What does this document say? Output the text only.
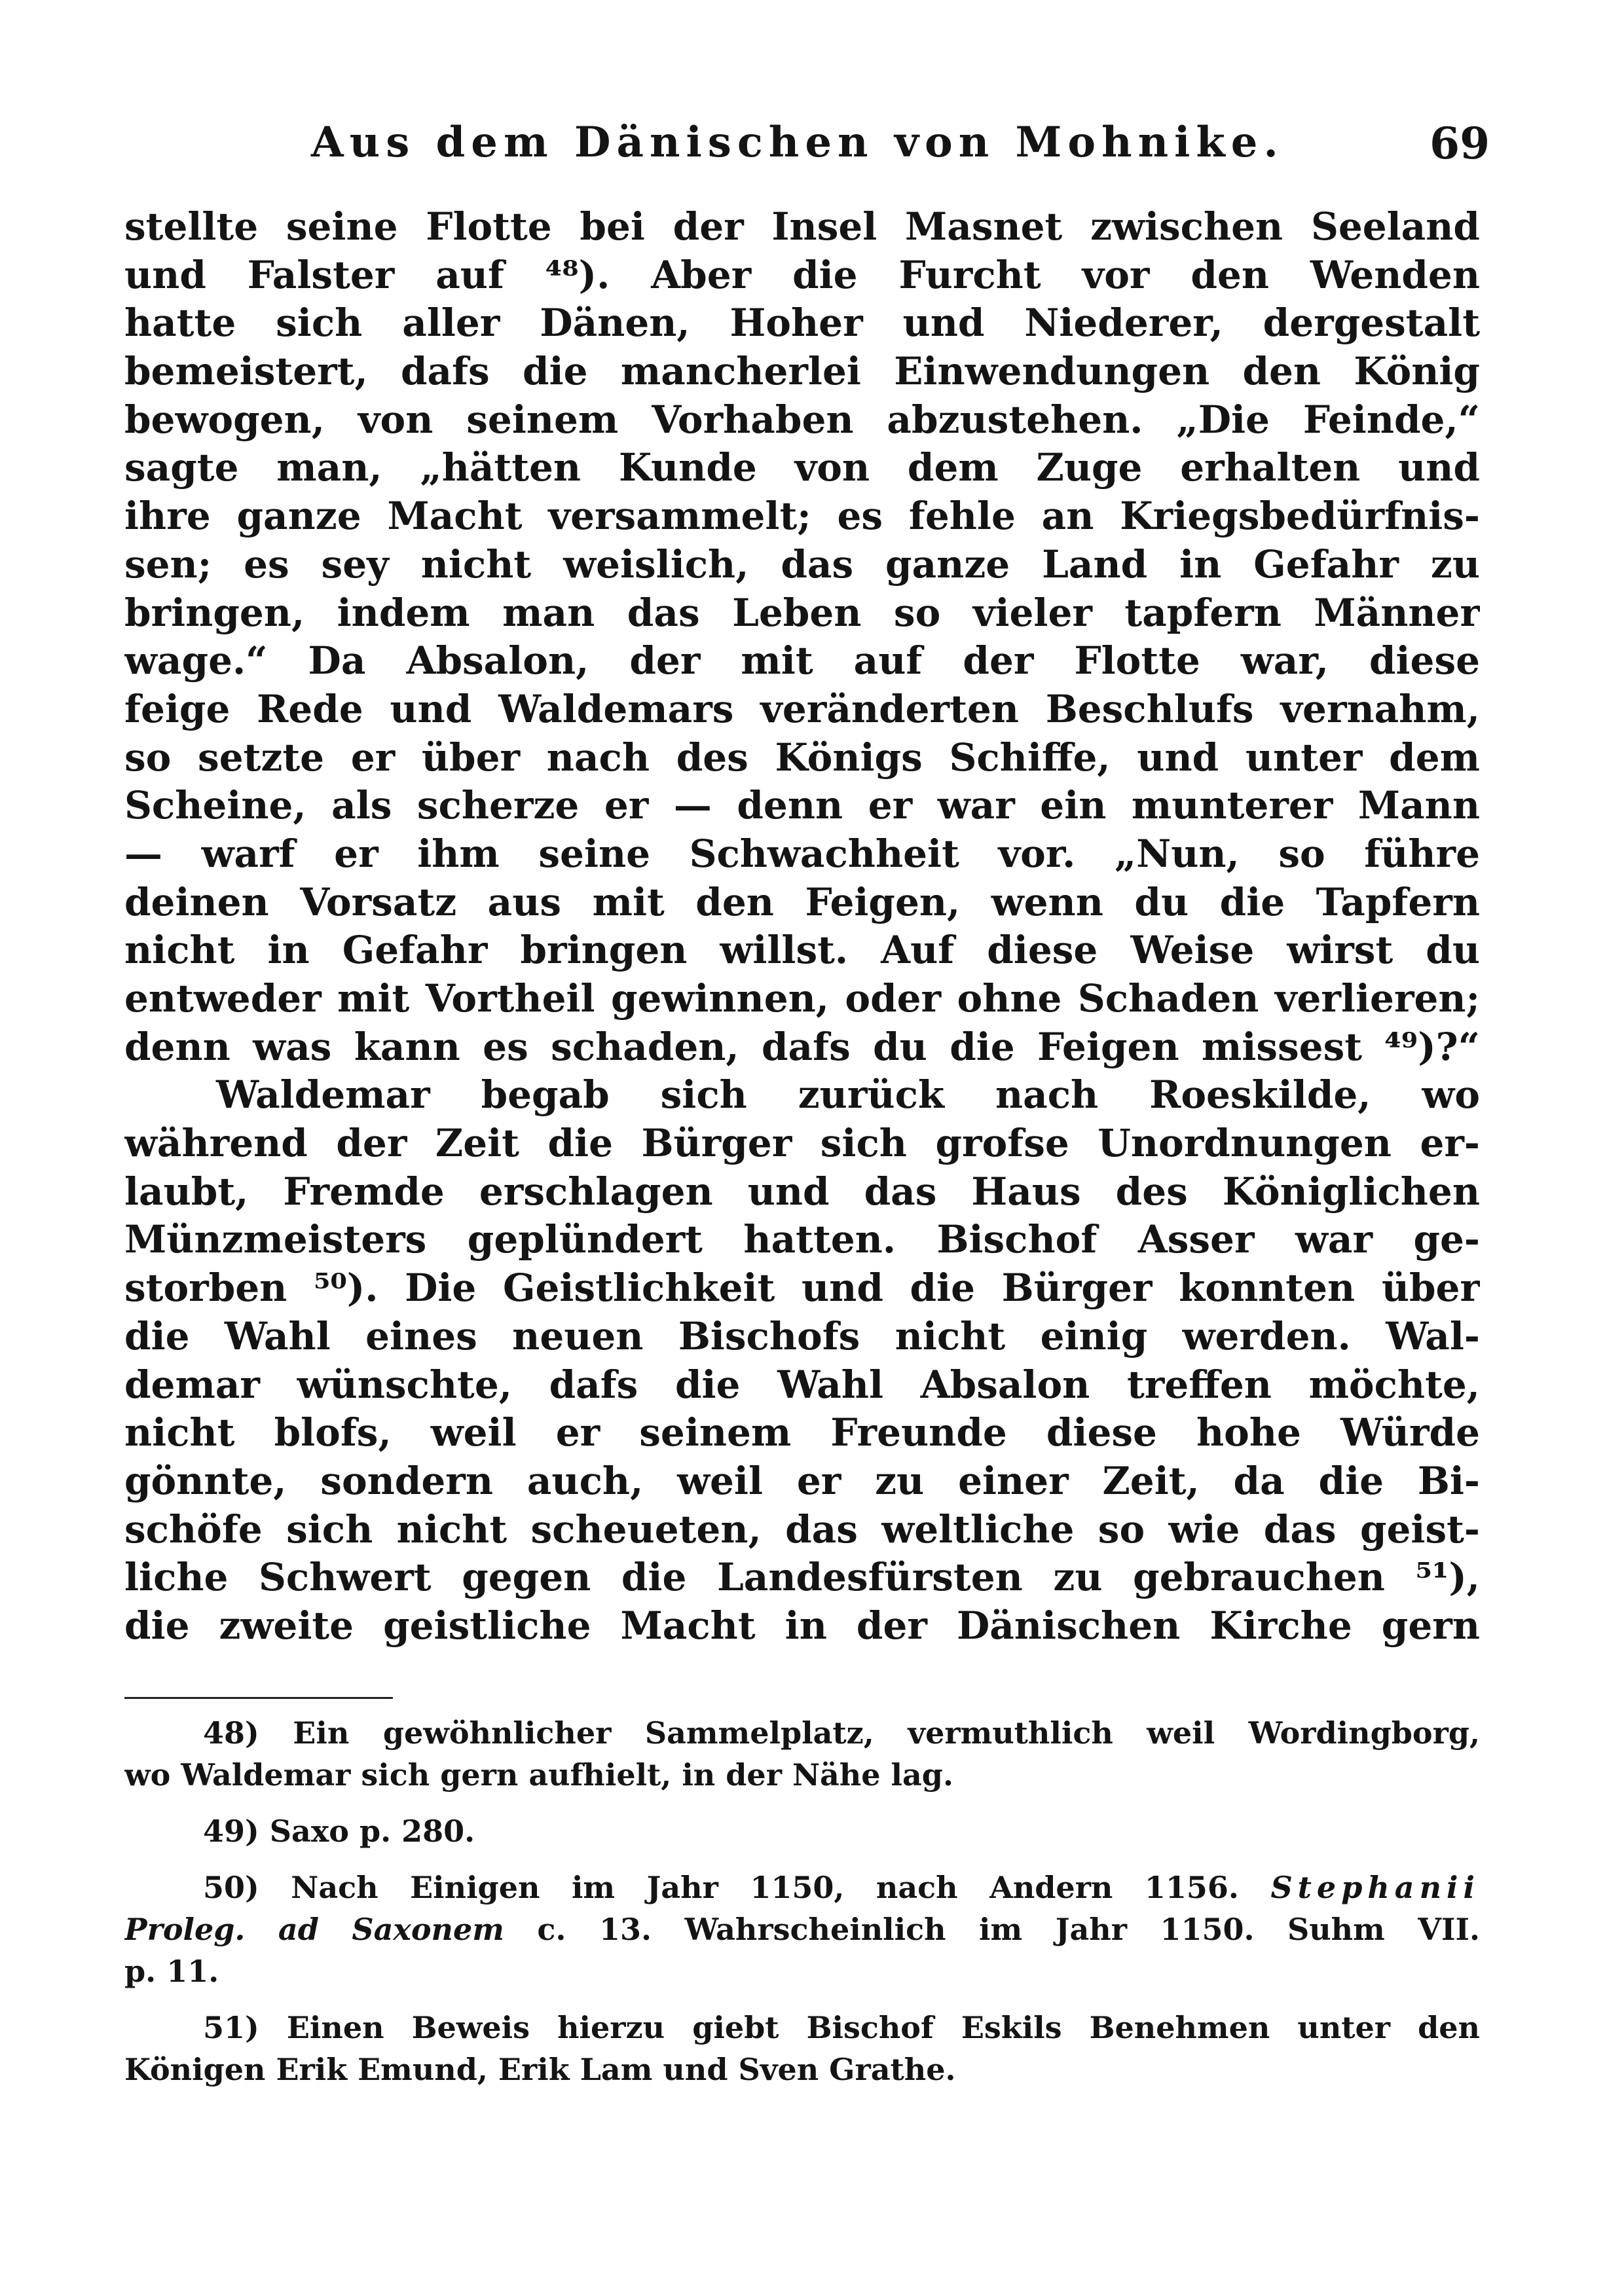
Aus dem Dänischen von Mohnike.	69
stellte seine Flotte bei der Insel Masnet zwischen Seeland
und Falster auf ⁴⁸). Aber die Furcht vor den Wenden
hatte sich aller Dänen, Hoher und Niederer, dergestalt
bemeistert, dafs die mancherlei Einwendungen den König
bewogen, von seinem Vorhaben abzustehen. „Die Feinde,“
sagte man, „hätten Kunde von dem Zuge erhalten und
ihre ganze Macht versammelt; es fehle an Kriegsbedürfnis-
sen; es sey nicht weislich, das ganze Land in Gefahr zu
bringen, indem man das Leben so vieler tapfern Männer
wage.“ Da Absalon, der mit auf der Flotte war, diese
feige Rede und Waldemars veränderten Beschlufs vernahm,
so setzte er über nach des Königs Schiffe, und unter dem
Scheine, als scherze er — denn er war ein munterer Mann
— warf er ihm seine Schwachheit vor. „Nun, so führe
deinen Vorsatz aus mit den Feigen, wenn du die Tapfern
nicht in Gefahr bringen willst. Auf diese Weise wirst du
entweder mit Vortheil gewinnen, oder ohne Schaden verlieren;
denn was kann es schaden, dafs du die Feigen missest ⁴⁹)?“
Waldemar begab sich zurück nach Roeskilde, wo
während der Zeit die Bürger sich grofse Unordnungen er-
laubt, Fremde erschlagen und das Haus des Königlichen
Münzmeisters geplündert hatten. Bischof Asser war ge-
storben ⁵⁰). Die Geistlichkeit und die Bürger konnten über
die Wahl eines neuen Bischofs nicht einig werden. Wal-
demar wünschte, dafs die Wahl Absalon treffen möchte,
nicht blofs, weil er seinem Freunde diese hohe Würde
gönnte, sondern auch, weil er zu einer Zeit, da die Bi-
schöfe sich nicht scheueten, das weltliche so wie das geist-
liche Schwert gegen die Landesfürsten zu gebrauchen ⁵¹),
die zweite geistliche Macht in der Dänischen Kirche gern
48) Ein gewöhnlicher Sammelplatz, vermuthlich weil Wordingborg,
wo Waldemar sich gern aufhielt, in der Nähe lag.
49) Saxo p. 280.
50) Nach Einigen im Jahr 1150, nach Andern 1156. Stephanii
Proleg. ad Saxonem c. 13. Wahrscheinlich im Jahr 1150. Suhm VII.
p. 11.
51) Einen Beweis hierzu giebt Bischof Eskils Benehmen unter den
Königen Erik Emund, Erik Lam und Sven Grathe.
